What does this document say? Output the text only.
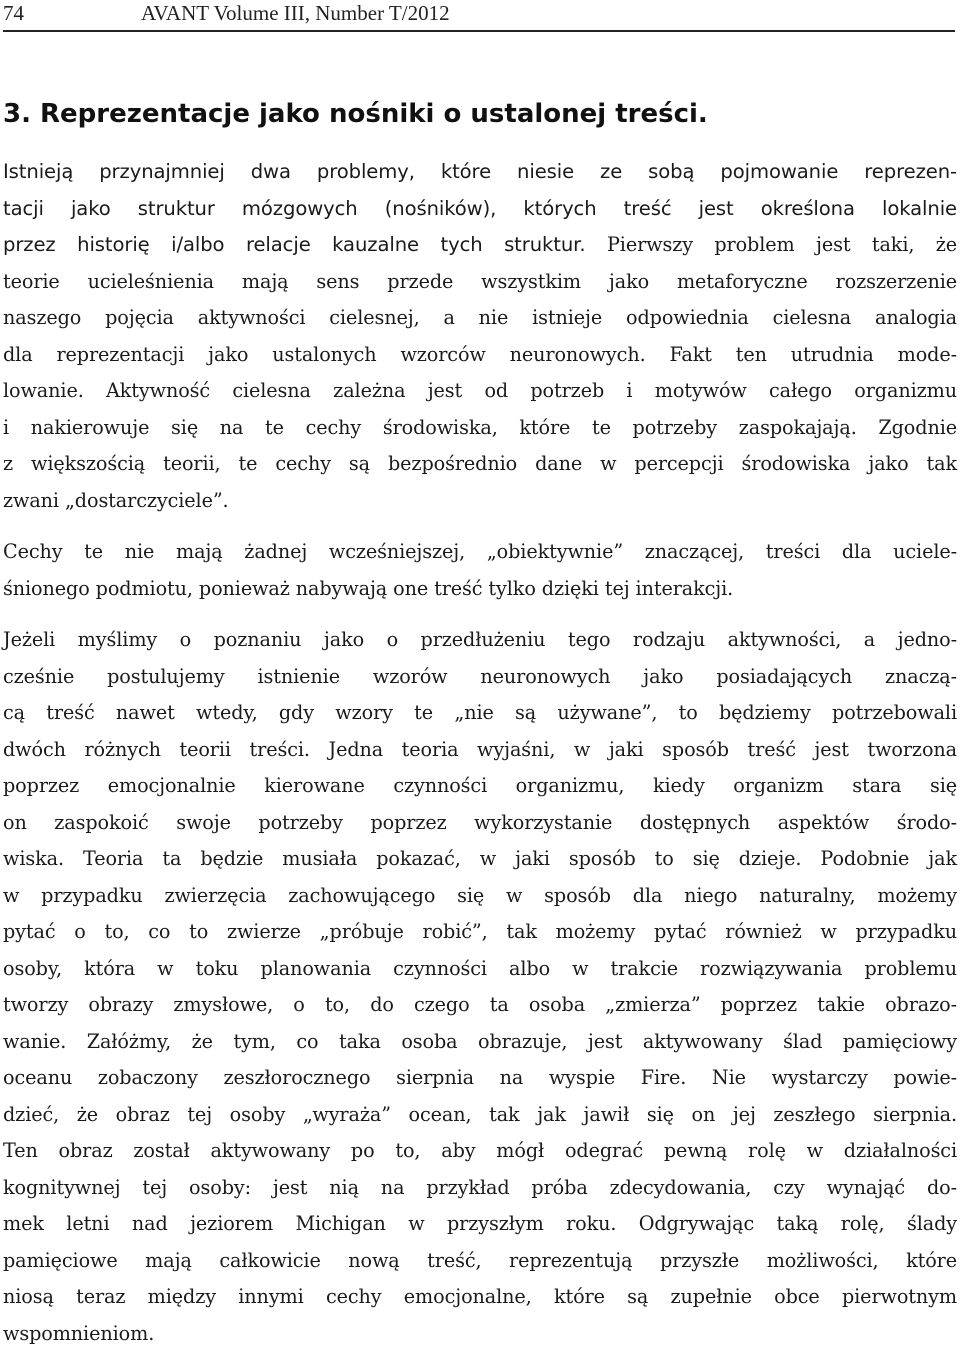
74	AVANT Volume III, Number T/2012
3. Reprezentacje jako nośniki o ustalonej treści.

Istnieją przynajmniej dwa problemy, które niesie ze sobą pojmowanie reprezen-
tacji jako struktur mózgowych (nośników), których treść jest określona lokalnie
przez historię i/albo relacje kauzalne tych struktur. Pierwszy problem jest taki, że
teorie ucieleśnienia mają sens przede wszystkim jako metaforyczne rozszerzenie
naszego pojęcia aktywności cielesnej, a nie istnieje odpowiednia cielesna analogia
dla reprezentacji jako ustalonych wzorców neuronowych. Fakt ten utrudnia mode-
lowanie. Aktywność cielesna zależna jest od potrzeb i motywów całego organizmu
i nakierowuje się na te cechy środowiska, które te potrzeby zaspokajają. Zgodnie
z większością teorii, te cechy są bezpośrednio dane w percepcji środowiska jako tak
zwani „dostarczyciele”.

Cechy te nie mają żadnej wcześniejszej, „obiektywnie” znaczącej, treści dla uciele-
śnionego podmiotu, ponieważ nabywają one treść tylko dzięki tej interakcji.

Jeżeli myślimy o poznaniu jako o przedłużeniu tego rodzaju aktywności, a jedno-
cześnie postulujemy istnienie wzorów neuronowych jako posiadających znaczą-
cą treść nawet wtedy, gdy wzory te „nie są używane”, to będziemy potrzebowali
dwóch różnych teorii treści. Jedna teoria wyjaśni, w jaki sposób treść jest tworzona
poprzez emocjonalnie kierowane czynności organizmu, kiedy organizm stara się
on zaspokoić swoje potrzeby poprzez wykorzystanie dostępnych aspektów środo-
wiska. Teoria ta będzie musiała pokazać, w jaki sposób to się dzieje. Podobnie jak
w przypadku zwierzęcia zachowującego się w sposób dla niego naturalny, możemy
pytać o to, co to zwierze „próbuje robić”, tak możemy pytać również w przypadku
osoby, która w toku planowania czynności albo w trakcie rozwiązywania problemu
tworzy obrazy zmysłowe, o to, do czego ta osoba „zmierza” poprzez takie obrazo-
wanie. Załóżmy, że tym, co taka osoba obrazuje, jest aktywowany ślad pamięciowy
oceanu zobaczony zeszłorocznego sierpnia na wyspie Fire. Nie wystarczy powie-
dzieć, że obraz tej osoby „wyraża” ocean, tak jak jawił się on jej zeszłego sierpnia.
Ten obraz został aktywowany po to, aby mógł odegrać pewną rolę w działalności
kognitywnej tej osoby: jest nią na przykład próba zdecydowania, czy wynająć do-
mek letni nad jeziorem Michigan w przyszłym roku. Odgrywając taką rolę, ślady
pamięciowe mają całkowicie nową treść, reprezentują przyszłe możliwości, które
niosą teraz między innymi cechy emocjonalne, które są zupełnie obce pierwotnym
wspomnieniom.
